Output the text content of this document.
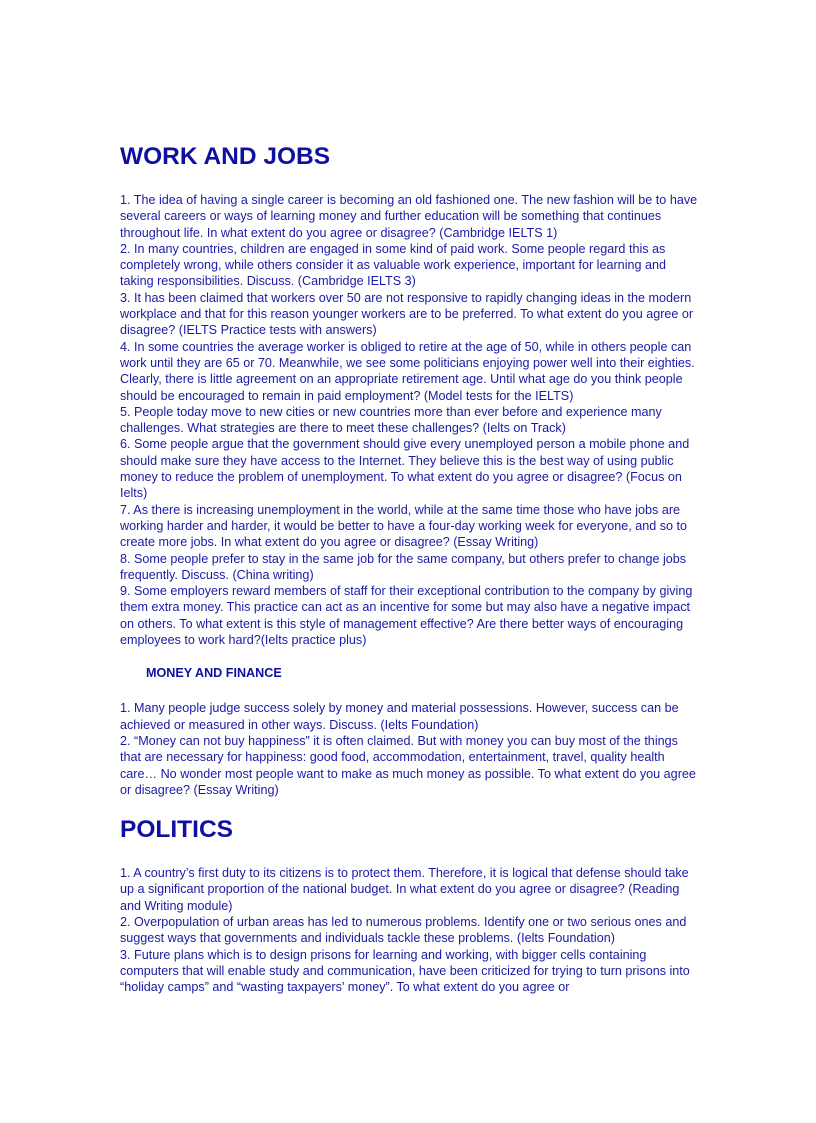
WORK AND JOBS

1. The idea of having a single career is becoming an old fashioned one. The new fashion will be to have several careers or ways of learning money and further education will be something that continues throughout life. In what extent do you agree or disagree? (Cambridge IELTS 1)

2. In many countries, children are engaged in some kind of paid work. Some people regard this as completely wrong, while others consider it as valuable work experience, important for learning and taking responsibilities. Discuss. (Cambridge IELTS 3)

3. It has been claimed that workers over 50 are not responsive to rapidly changing ideas in the modern workplace and that for this reason younger workers are to be preferred. To what extent do you agree or disagree? (IELTS Practice tests with answers)

4. In some countries the average worker is obliged to retire at the age of 50, while in others people can work until they are 65 or 70. Meanwhile, we see some politicians enjoying power well into their eighties. Clearly, there is little agreement on an appropriate retirement age. Until what age do you think people should be encouraged to remain in paid employment? (Model tests for the IELTS)

5. People today move to new cities or new countries more than ever before and experience many challenges. What strategies are there to meet these challenges? (Ielts on Track)

6. Some people argue that the government should give every unemployed person a mobile phone and should make sure they have access to the Internet. They believe this is the best way of using public money to reduce the problem of unemployment. To what extent do you agree or disagree? (Focus on Ielts)

7. As there is increasing unemployment in the world, while at the same time those who have jobs are working harder and harder, it would be better to have a four-day working week for everyone, and so to create more jobs. In what extent do you agree or disagree? (Essay Writing)

8. Some people prefer to stay in the same job for the same company, but others prefer to change jobs frequently. Discuss. (China writing)

9. Some employers reward members of staff for their exceptional contribution to the company by giving them extra money. This practice can act as an incentive for some but may also have a negative impact on others. To what extent is this style of management effective? Are there better ways of encouraging employees to work hard?(Ielts practice plus)

MONEY AND FINANCE

1. Many people judge success solely by money and material possessions. However, success can be achieved or measured in other ways. Discuss. (Ielts Foundation)

2. “Money can not buy happiness” it is often claimed. But with money you can buy most of the things that are necessary for happiness: good food, accommodation, entertainment, travel, quality health care… No wonder most people want to make as much money as possible. To what extent do you agree or disagree? (Essay Writing)

POLITICS

1. A country’s first duty to its citizens is to protect them. Therefore, it is logical that defense should take up a significant proportion of the national budget. In what extent do you agree or disagree? (Reading and Writing module)

2. Overpopulation of urban areas has led to numerous problems. Identify one or two serious ones and suggest ways that governments and individuals tackle these problems. (Ielts Foundation)

3. Future plans which is to design prisons for learning and working, with bigger cells containing computers that will enable study and communication, have been criticized for trying to turn prisons into “holiday camps” and “wasting taxpayers’ money”. To what extent do you agree or
